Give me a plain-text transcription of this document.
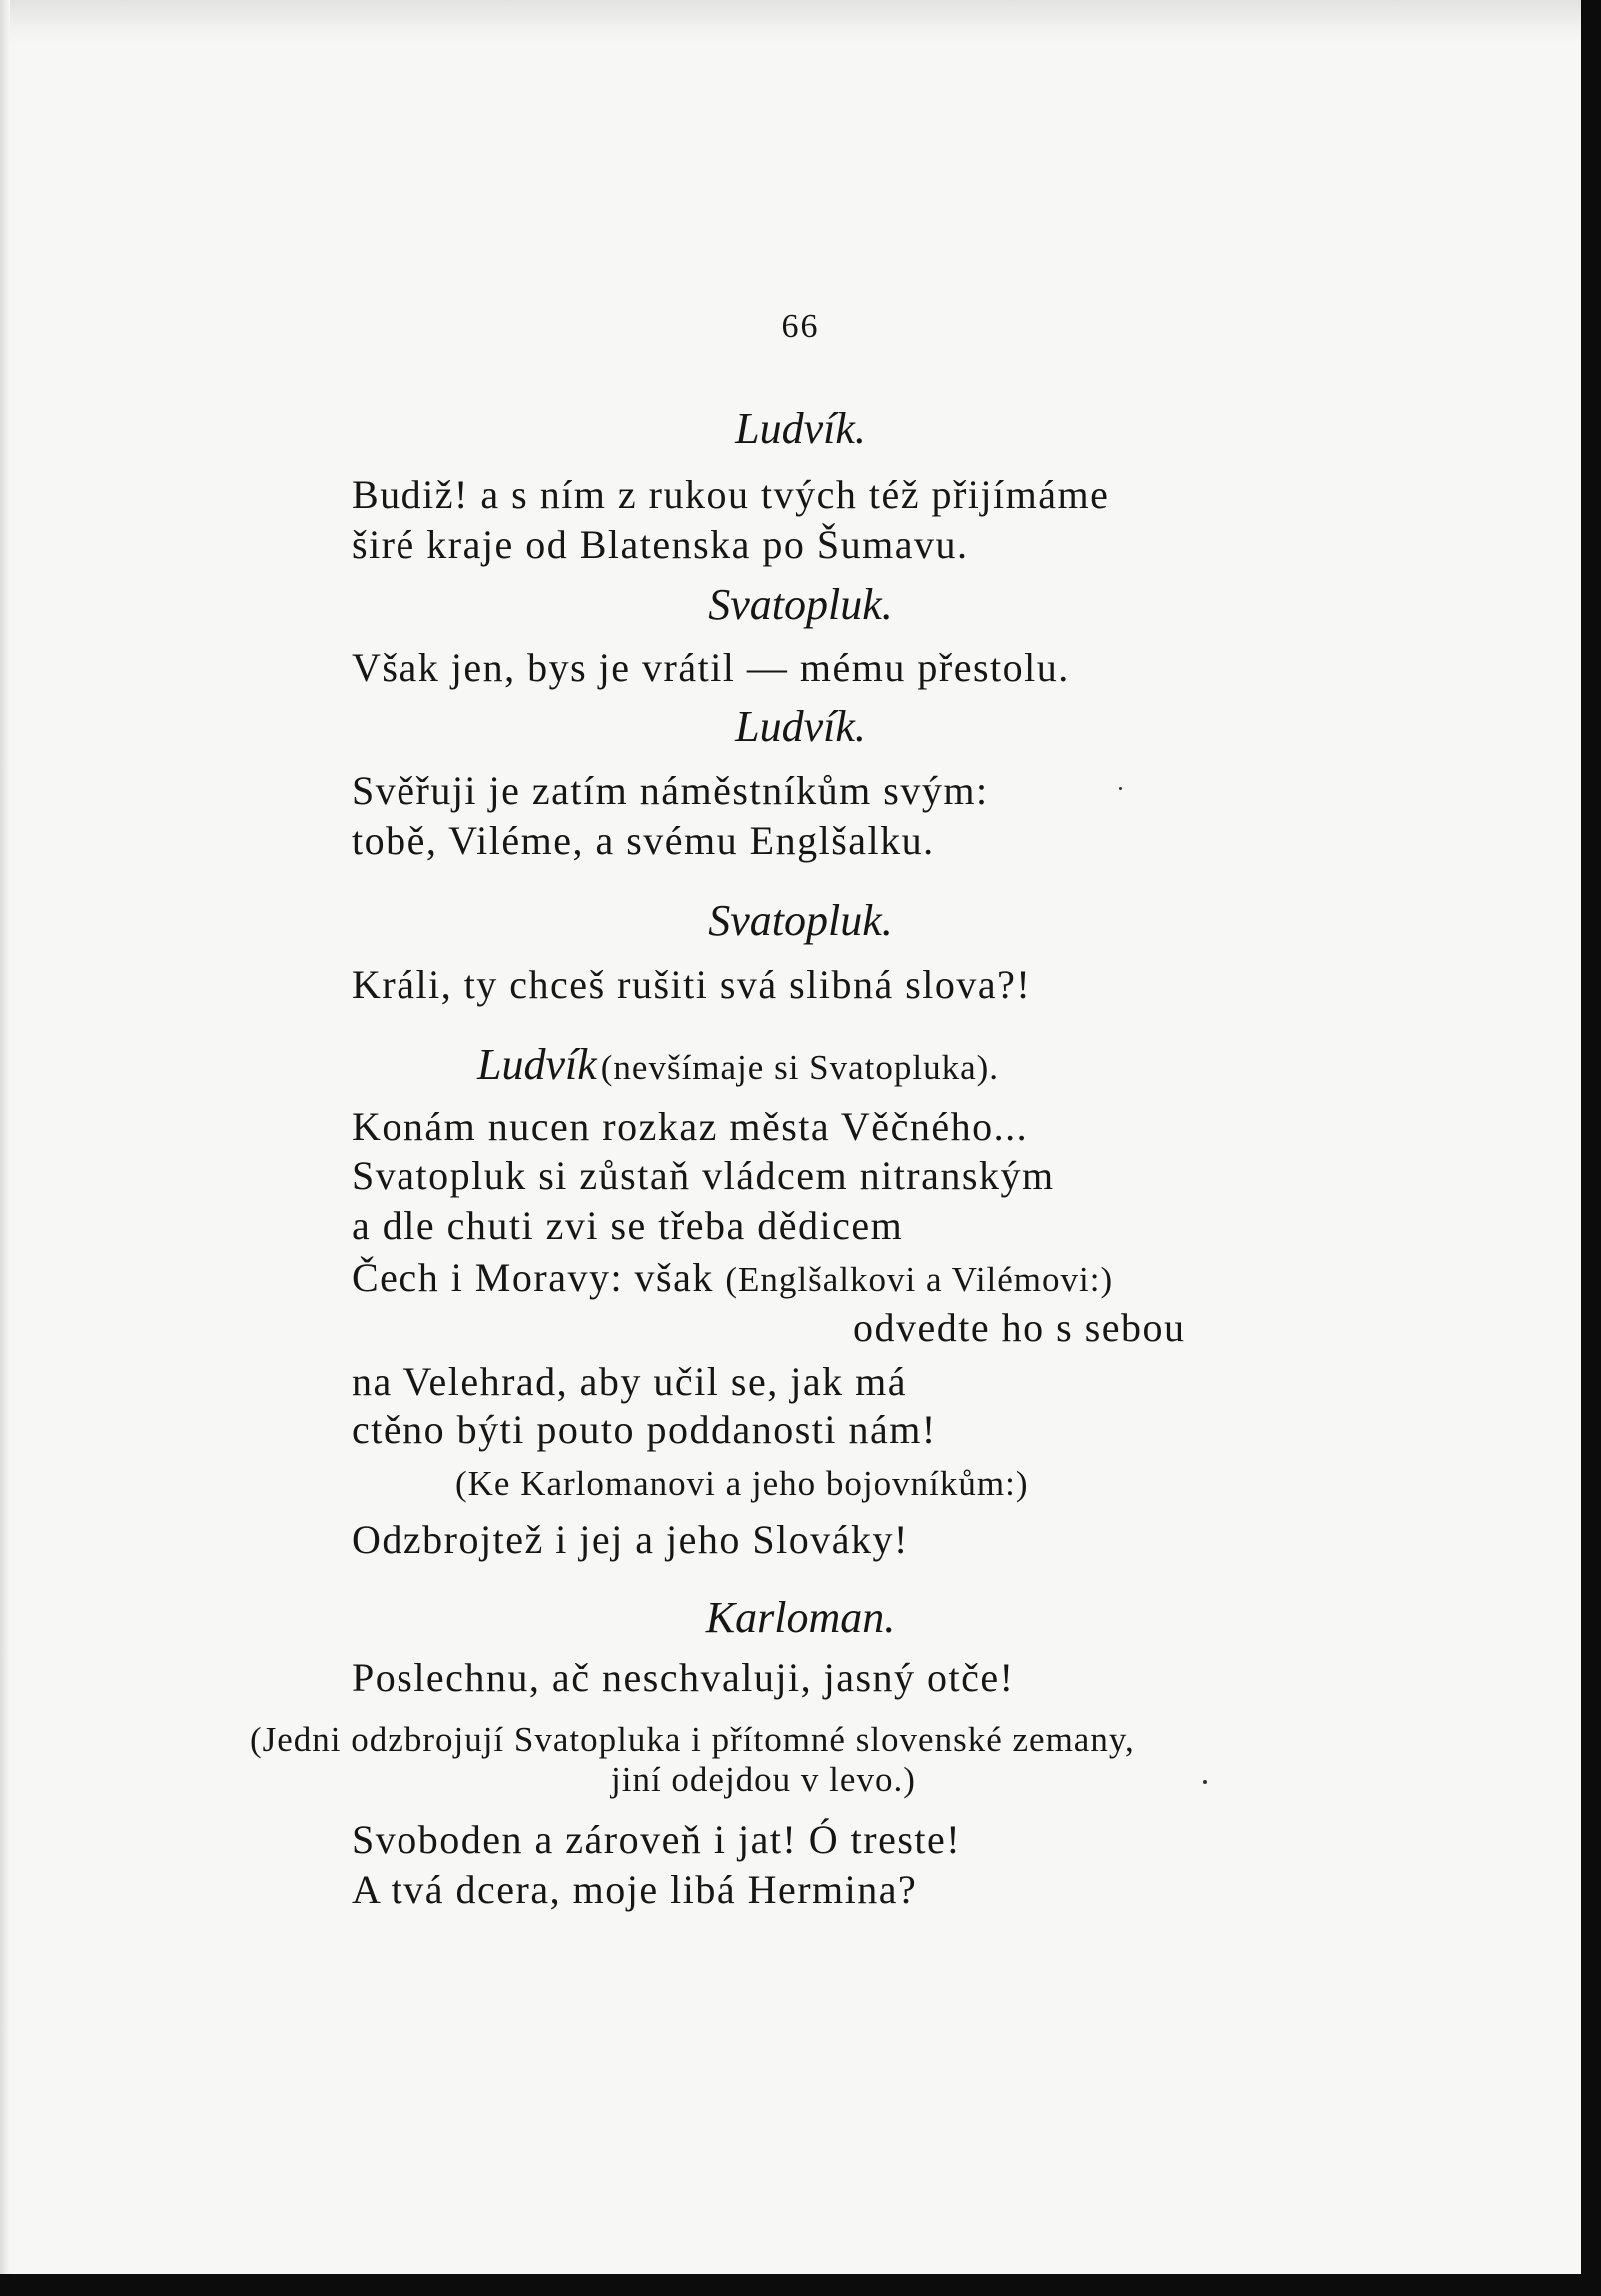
66
Ludvík.
Budiž! a s ním z rukou tvých též přijímáme
širé kraje od Blatenska po Šumavu.
Svatopluk.
Však jen, bys je vrátil — mému přestolu.
Ludvík.
Svěřuji je zatím náměstníkům svým:
tobě, Viléme, a svému Englšalku.
Svatopluk.
Králi, ty chceš rušiti svá slibná slova?!
Ludvík (nevšímaje si Svatopluka).
Konám nucen rozkaz města Věčného...
Svatopluk si zůstaň vládcem nitranským
a dle chuti zvi se třeba dědicem
Čech i Moravy: však (Englšalkovi a Vilémovi:)
odvedte ho s sebou
na Velehrad, aby učil se, jak má
ctěno býti pouto poddanosti nám!
(Ke Karlomanovi a jeho bojovníkům:)
Odzbrojtež i jej a jeho Slováky!
Karloman.
Poslechnu, ač neschvaluji, jasný otče!
(Jedni odzbrojují Svatopluka i přítomné slovenské zemany,
jiní odejdou v levo.)
Svoboden a zároveň i jat! Ó treste!
A tvá dcera, moje libá Hermina?
